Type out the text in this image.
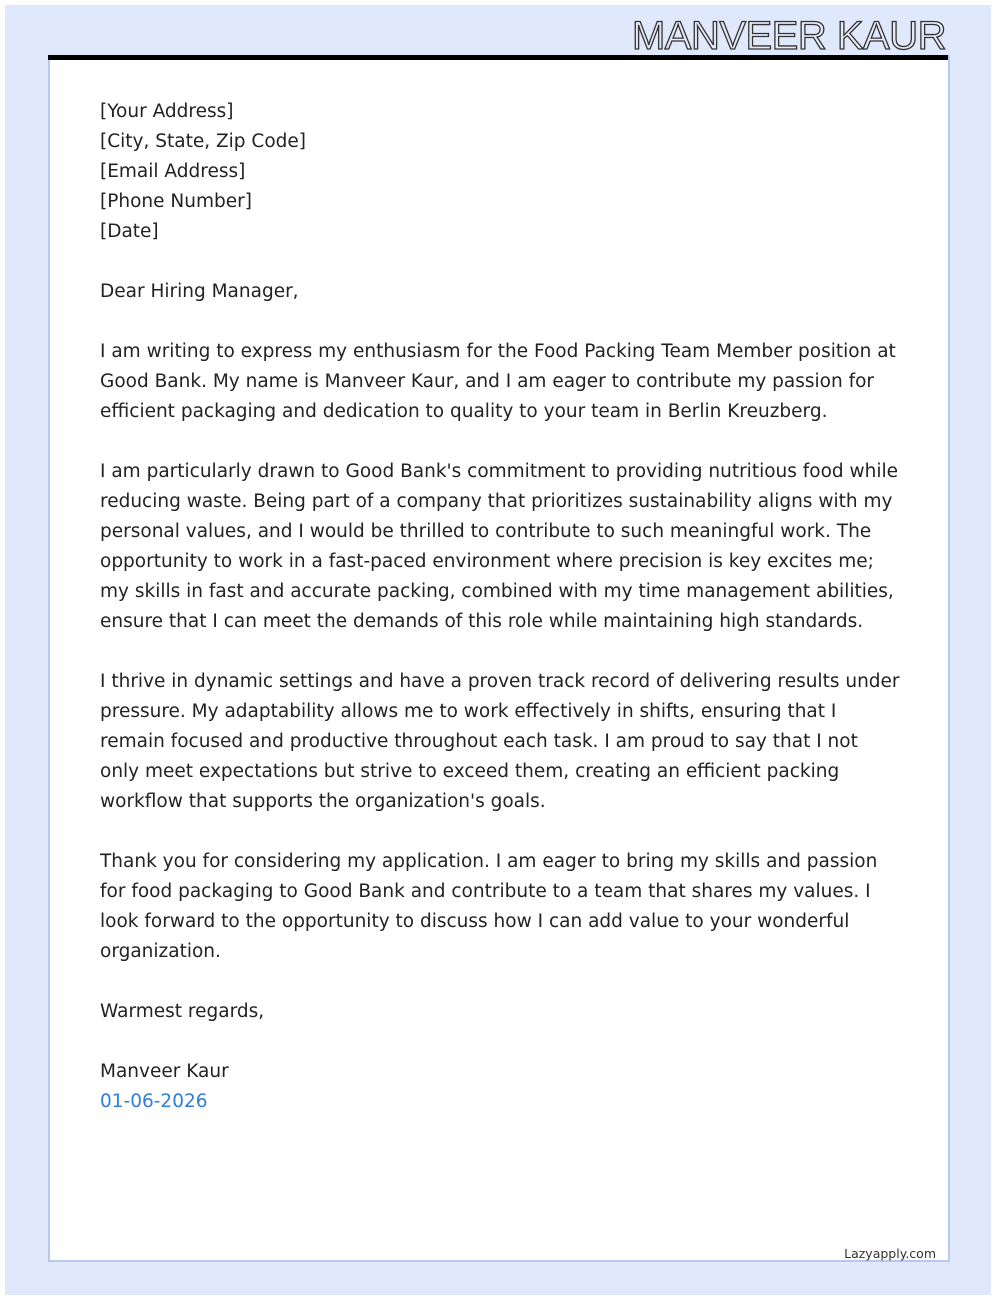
MANVEER KAUR

[Your Address]

[City, State, Zip Code]

[Email Address]

[Phone Number]

[Date]

Dear Hiring Manager,

I am writing to express my enthusiasm for the Food Packing Team Member position at Good Bank. My name is Manveer Kaur, and I am eager to contribute my passion for efficient packaging and dedication to quality to your team in Berlin Kreuzberg.

I am particularly drawn to Good Bank's commitment to providing nutritious food while reducing waste. Being part of a company that prioritizes sustainability aligns with my personal values, and I would be thrilled to contribute to such meaningful work. The opportunity to work in a fast-paced environment where precision is key excites me; my skills in fast and accurate packing, combined with my time management abilities, ensure that I can meet the demands of this role while maintaining high standards.

I thrive in dynamic settings and have a proven track record of delivering results under pressure. My adaptability allows me to work effectively in shifts, ensuring that I remain focused and productive throughout each task. I am proud to say that I not only meet expectations but strive to exceed them, creating an efficient packing workflow that supports the organization's goals.

Thank you for considering my application. I am eager to bring my skills and passion for food packaging to Good Bank and contribute to a team that shares my values. I look forward to the opportunity to discuss how I can add value to your wonderful organization.

Warmest regards,

Manveer Kaur

01-06-2026

Lazyapply.com
